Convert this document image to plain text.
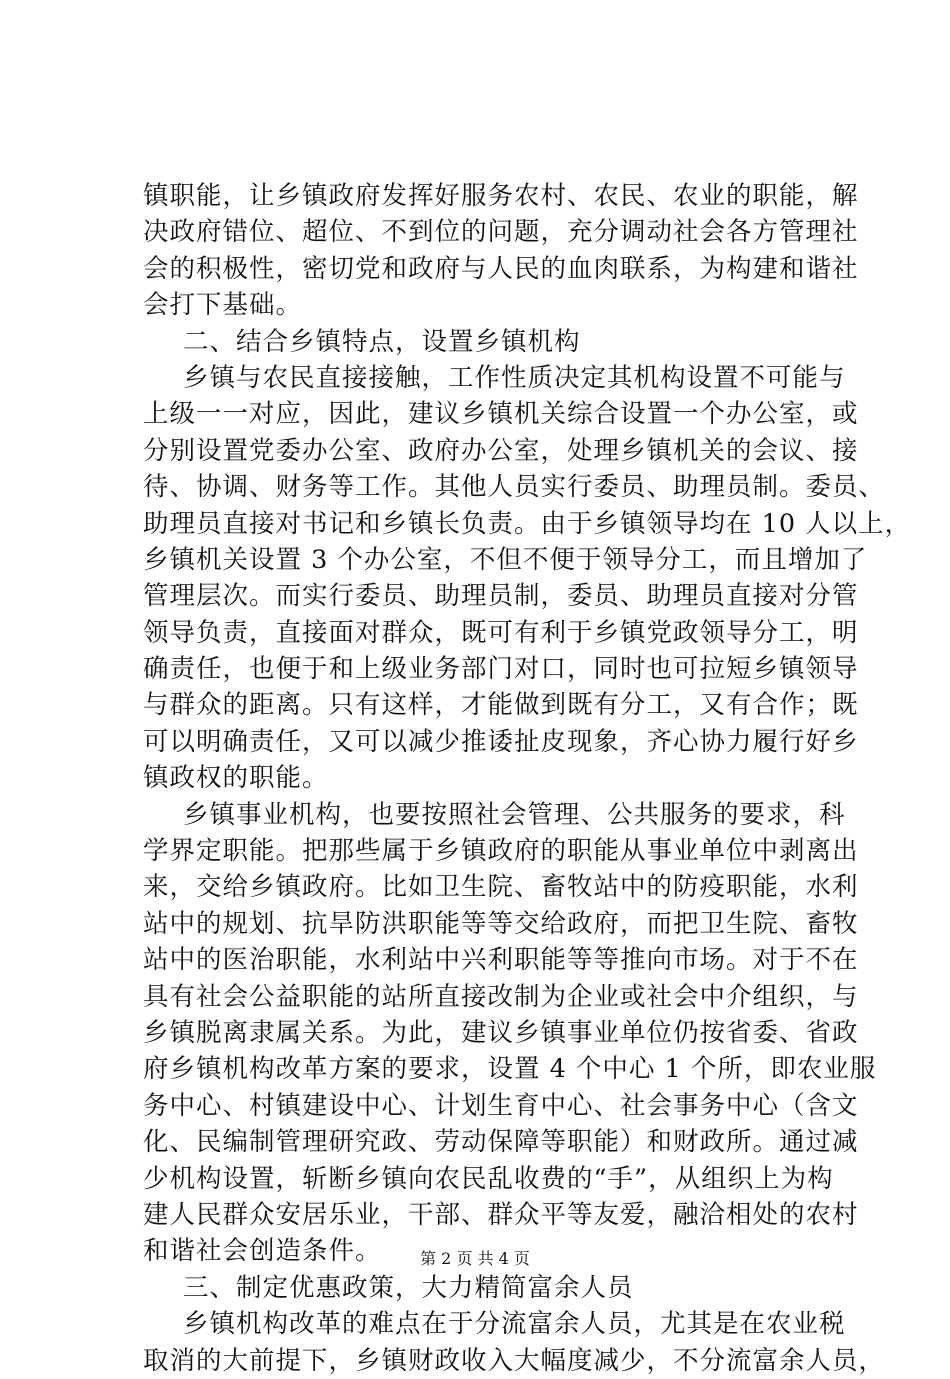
镇职能，让乡镇政府发挥好服务农村、农民、农业的职能，解
决政府错位、超位、不到位的问题，充分调动社会各方管理社
会的积极性，密切党和政府与人民的血肉联系，为构建和谐社
会打下基础。
二、结合乡镇特点，设置乡镇机构
乡镇与农民直接接触，工作性质决定其机构设置不可能与
上级一一对应，因此，建议乡镇机关综合设置一个办公室，或
分别设置党委办公室、政府办公室，处理乡镇机关的会议、接
待、协调、财务等工作。其他人员实行委员、助理员制。委员、
助理员直接对书记和乡镇长负责。由于乡镇领导均在 10 人以上，
乡镇机关设置 3 个办公室，不但不便于领导分工，而且增加了
管理层次。而实行委员、助理员制，委员、助理员直接对分管
领导负责，直接面对群众，既可有利于乡镇党政领导分工，明
确责任，也便于和上级业务部门对口，同时也可拉短乡镇领导
与群众的距离。只有这样，才能做到既有分工，又有合作；既
可以明确责任，又可以减少推诿扯皮现象，齐心协力履行好乡
镇政权的职能。
乡镇事业机构，也要按照社会管理、公共服务的要求，科
学界定职能。把那些属于乡镇政府的职能从事业单位中剥离出
来，交给乡镇政府。比如卫生院、畜牧站中的防疫职能，水利
站中的规划、抗旱防洪职能等等交给政府，而把卫生院、畜牧
站中的医治职能，水利站中兴利职能等等推向市场。对于不在
具有社会公益职能的站所直接改制为企业或社会中介组织，与
乡镇脱离隶属关系。为此，建议乡镇事业单位仍按省委、省政
府乡镇机构改革方案的要求，设置 4 个中心 1 个所，即农业服
务中心、村镇建设中心、计划生育中心、社会事务中心（含文
化、民编制管理研究政、劳动保障等职能）和财政所。通过减
少机构设置，斩断乡镇向农民乱收费的“手”，从组织上为构
建人民群众安居乐业，干部、群众平等友爱，融洽相处的农村
和谐社会创造条件。
三、制定优惠政策，大力精简富余人员
乡镇机构改革的难点在于分流富余人员，尤其是在农业税
取消的大前提下，乡镇财政收入大幅度减少，不分流富余人员，
第 2 页 共 4 页
